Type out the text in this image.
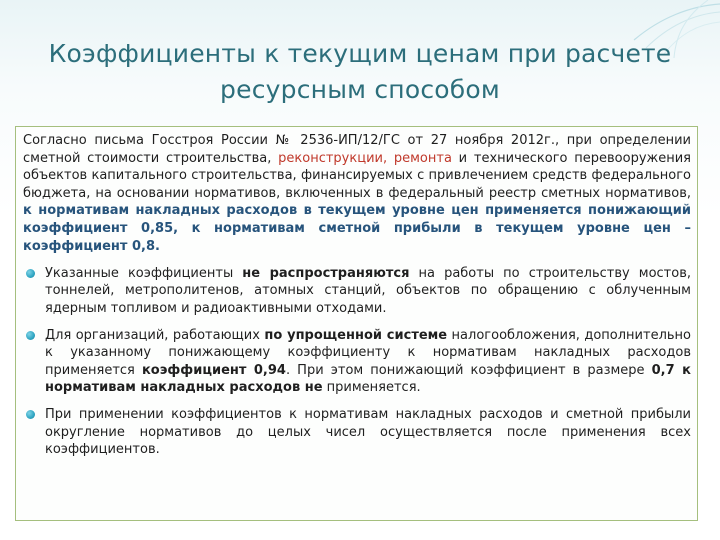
Коэффициенты к текущим ценам при расчете
ресурсным способом

Согласно письма Госстроя России № 2536-ИП/12/ГС от 27 ноября 2012г., при определении сметной стоимости строительства, реконструкции, ремонта и технического перевооружения объектов капитального строительства, финансируемых с привлечением средств федерального бюджета, на основании нормативов, включенных в федеральный реестр сметных нормативов, к нормативам накладных расходов в текущем уровне цен применяется понижающий коэффициент 0,85, к нормативам сметной прибыли в текущем уровне цен – коэффициент 0,8.

Указанные коэффициенты не распространяются на работы по строительству мостов, тоннелей, метрополитенов, атомных станций, объектов по обращению с облученным ядерным топливом и радиоактивными отходами.
Для организаций, работающих по упрощенной системе налогообложения, дополнительно к указанному понижающему коэффициенту к нормативам накладных расходов применяется коэффициент 0,94. При этом понижающий коэффициент в размере 0,7 к нормативам накладных расходов не применяется.
При применении коэффициентов к нормативам накладных расходов и сметной прибыли округление нормативов до целых чисел осуществляется после применения всех коэффициентов.
